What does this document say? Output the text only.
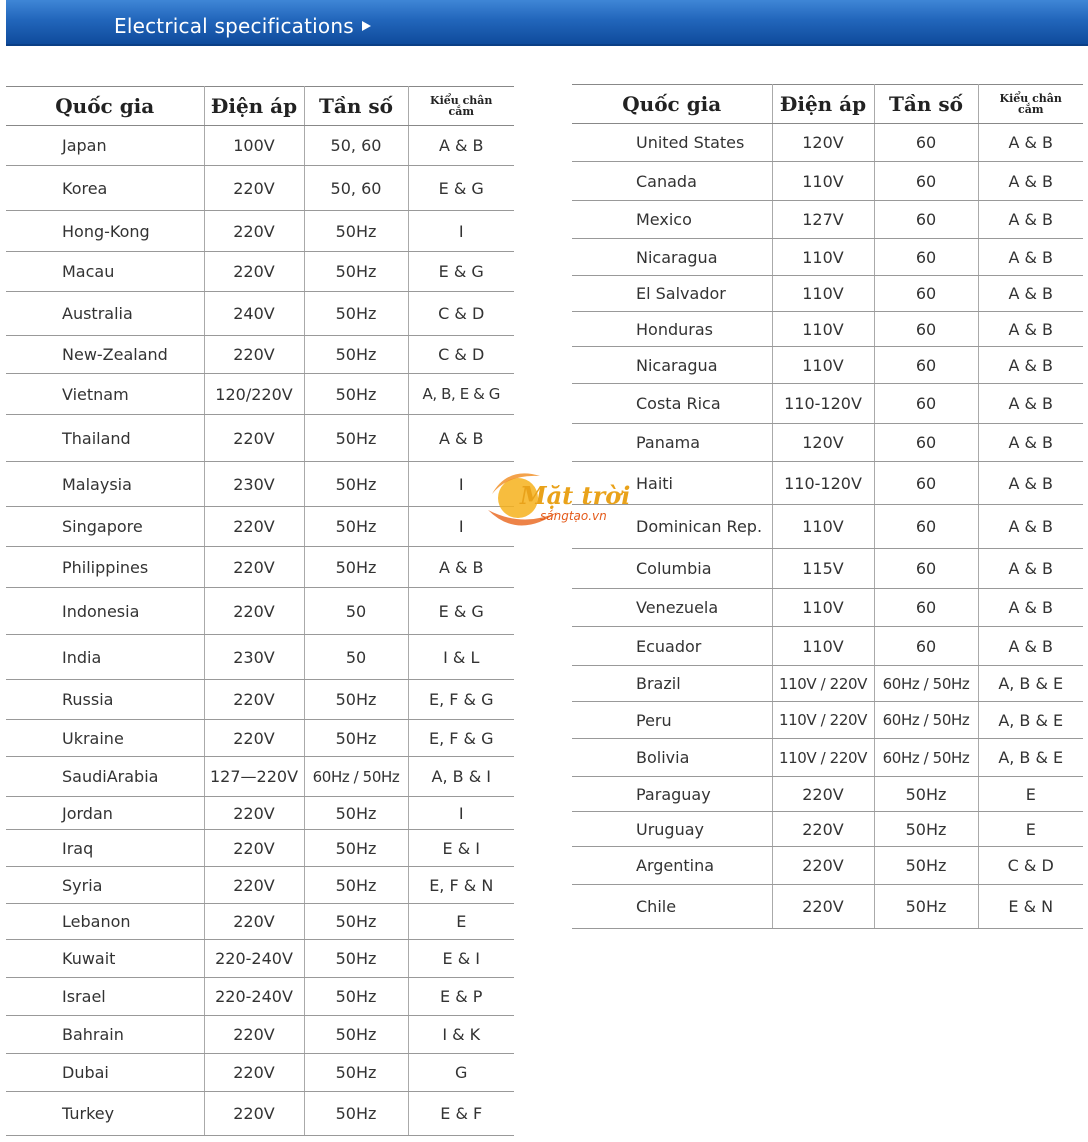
Electrical specifications
Quốc gia	Điện áp	Tần số	Kiểu chân
cắm
Japan	100V	50, 60	A & B
Korea	220V	50, 60	E & G
Hong-Kong	220V	50Hz	I
Macau	220V	50Hz	E & G
Australia	240V	50Hz	C & D
New-Zealand	220V	50Hz	C & D
Vietnam	120/220V	50Hz	A, B, E & G
Thailand	220V	50Hz	A & B
Malaysia	230V	50Hz	I
Singapore	220V	50Hz	I
Philippines	220V	50Hz	A & B
Indonesia	220V	50	E & G
India	230V	50	I & L
Russia	220V	50Hz	E, F & G
Ukraine	220V	50Hz	E, F & G
SaudiArabia	127—220V	60Hz / 50Hz	A, B & I
Jordan	220V	50Hz	I
Iraq	220V	50Hz	E & I
Syria	220V	50Hz	E, F & N
Lebanon	220V	50Hz	E
Kuwait	220-240V	50Hz	E & I
Israel	220-240V	50Hz	E & P
Bahrain	220V	50Hz	I & K
Dubai	220V	50Hz	G
Turkey	220V	50Hz	E & F
Quốc gia	Điện áp	Tần số	Kiểu chân
cắm
United States	120V	60	A & B
Canada	110V	60	A & B
Mexico	127V	60	A & B
Nicaragua	110V	60	A & B
El Salvador	110V	60	A & B
Honduras	110V	60	A & B
Nicaragua	110V	60	A & B
Costa Rica	110-120V	60	A & B
Panama	120V	60	A & B
Haiti	110-120V	60	A & B
Dominican Rep.	110V	60	A & B
Columbia	115V	60	A & B
Venezuela	110V	60	A & B
Ecuador	110V	60	A & B
Brazil	110V / 220V	60Hz / 50Hz	A, B & E
Peru	110V / 220V	60Hz / 50Hz	A, B & E
Bolivia	110V / 220V	60Hz / 50Hz	A, B & E
Paraguay	220V	50Hz	E
Uruguay	220V	50Hz	E
Argentina	220V	50Hz	C & D
Chile	220V	50Hz	E & N
Mặt trời
sángtạo.vn
